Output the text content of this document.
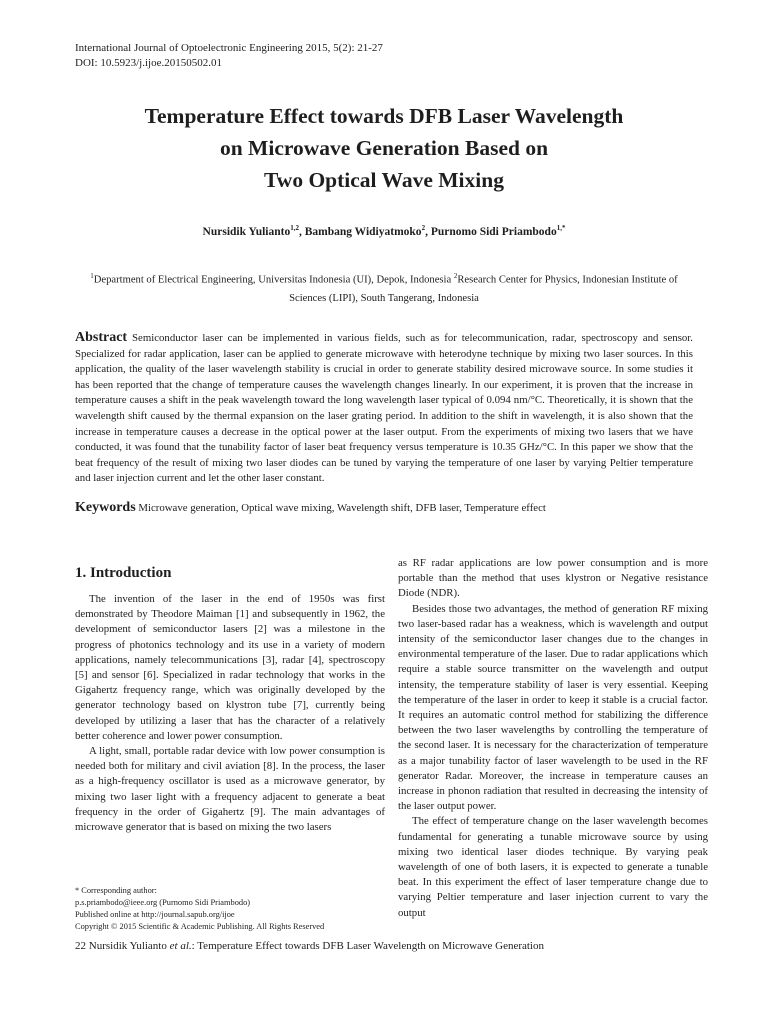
International Journal of Optoelectronic Engineering 2015, 5(2): 21-27
DOI: 10.5923/j.ijoe.20150502.01
Temperature Effect towards DFB Laser Wavelength
on Microwave Generation Based on
Two Optical Wave Mixing
Nursidik Yulianto$^{1,2}$, Bambang Widiyatmoko$^2$, Purnomo Sidi Priambodo$^{1,*}$
$^1$Department of Electrical Engineering, Universitas Indonesia (UI), Depok, Indonesia $^2$Research Center for Physics, Indonesian Institute of Sciences (LIPI), South Tangerang, Indonesia
Abstract Semiconductor laser can be implemented in various fields, such as for telecommunication, radar, spectroscopy and sensor. Specialized for radar application, laser can be applied to generate microwave with heterodyne technique by mixing two laser sources. In this application, the quality of the laser wavelength stability is crucial in order to generate stability desired microwave source. In some studies it has been reported that the change of temperature causes the wavelength changes linearly. In our experiment, it is proven that the increase in temperature causes a shift in the peak wavelength toward the long wavelength laser typical of 0.094 nm/°C. Theoretically, it is shown that the wavelength shift caused by the thermal expansion on the laser grating period. In addition to the shift in wavelength, it is also shown that the increase in temperature causes a decrease in the optical power at the laser output. From the experiments of mixing two lasers that we have conducted, it was found that the tunability factor of laser beat frequency versus temperature is 10.35 GHz/°C. In this paper we show that the beat frequency of the result of mixing two laser diodes can be tuned by varying the temperature of one laser by varying Peltier temperature and laser injection current and let the other laser constant.
Keywords Microwave generation, Optical wave mixing, Wavelength shift, DFB laser, Temperature effect
1. Introduction

The invention of the laser in the end of 1950s was first demonstrated by Theodore Maiman [1] and subsequently in 1962, the development of semiconductor lasers [2] was a milestone in the progress of photonics technology and its use in a variety of modern applications, namely telecommunications [3], radar [4], spectroscopy [5] and sensor [6]. Specialized in radar technology that works in the Gigahertz frequency range, which was originally developed by the generator technology based on klystron tube [7], currently being developed by utilizing a laser that has the character of a relatively better coherence and lower power consumption.

A light, small, portable radar device with low power consumption is needed both for military and civil aviation [8]. In the process, the laser as a high-frequency oscillator is used as a microwave generator, by mixing two laser light with a frequency adjacent to generate a beat frequency in the order of Gigahertz [9]. The main advantages of microwave generator that is based on mixing the two lasers

as RF radar applications are low power consumption and is more portable than the method that uses klystron or Negative resistance Diode (NDR).

Besides those two advantages, the method of generation RF mixing two laser-based radar has a weakness, which is wavelength and output intensity of the semiconductor laser changes due to the changes in environmental temperature of the laser. Due to radar applications which require a stable source transmitter on the wavelength and output intensity, the temperature stability of laser is very essential. Keeping the temperature of the laser in order to keep it stable is a crucial factor. It requires an automatic control method for stabilizing the difference between the two laser wavelengths by controlling the temperature of the second laser. It is necessary for the characterization of temperature as a major tunability factor of laser wavelength to be used in the RF generator Radar. Moreover, the increase in temperature causes an increase in phonon radiation that resulted in decreasing the intensity of the laser output power.

The effect of temperature change on the laser wavelength becomes fundamental for generating a tunable microwave source by using mixing two identical laser diodes technique. By varying peak wavelength of one of both lasers, it is expected to generate a tunable beat. In this experiment the effect of laser temperature change due to varying Peltier temperature and laser injection current to vary the output

* Corresponding author:
p.s.priambodo@ieee.org (Purnomo Sidi Priambodo)
Published online at http://journal.sapub.org/ijoe
Copyright © 2015 Scientific & Academic Publishing. All Rights Reserved
22 Nursidik Yulianto et al.: Temperature Effect towards DFB Laser Wavelength on Microwave Generation
